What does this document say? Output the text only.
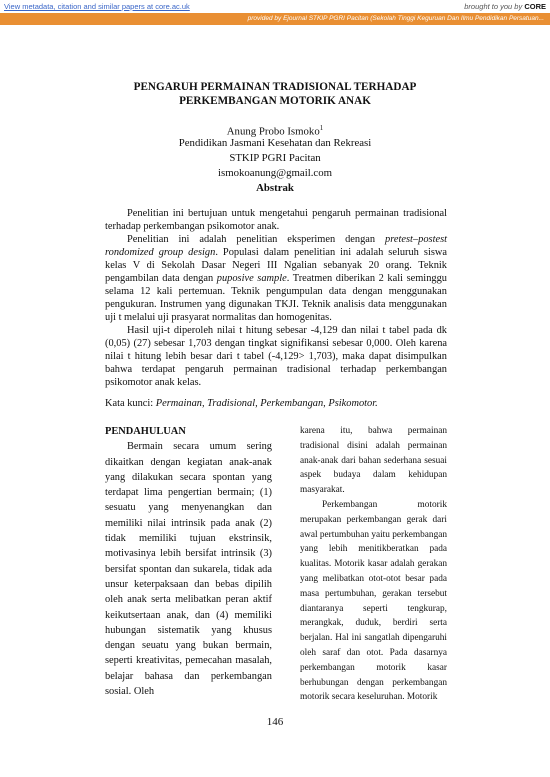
View metadata, citation and similar papers at core.ac.uk	brought to you by CORE
provided by Ejournal STKIP PGRI Pacitan (Sekolah Tinggi Keguruan Dan Ilmu Pendidikan Persatuan...
PENGARUH PERMAINAN TRADISIONAL TERHADAP
PERKEMBANGAN MOTORIK ANAK
Anung Probo Ismoko$^1$
Pendidikan Jasmani Kesehatan dan Rekreasi
STKIP PGRI Pacitan
ismokoanung@gmail.com
Abstrak

Penelitian ini bertujuan untuk mengetahui pengaruh permainan tradisional terhadap perkembangan psikomotor anak.

Penelitian ini adalah penelitian eksperimen dengan pretest–postest rondomized group design. Populasi dalam penelitian ini adalah seluruh siswa kelas V di Sekolah Dasar Negeri III Ngalian sebanyak 20 orang. Teknik pengambilan data dengan puposive sample. Treatmen diberikan 2 kali seminggu selama 12 kali pertemuan. Teknik pengumpulan data dengan menggunakan pengukuran. Instrumen yang digunakan TKJI. Teknik analisis data menggunakan uji t melalui uji prasyarat normalitas dan homogenitas.

Hasil uji-t diperoleh nilai t hitung sebesar -4,129 dan nilai t tabel pada dk (0,05) (27) sebesar 1,703 dengan tingkat signifikansi sebesar 0,000. Oleh karena nilai t hitung lebih besar dari t tabel (-4,129> 1,703), maka dapat disimpulkan bahwa terdapat pengaruh permainan tradisional terhadap perkembangan psikomotor anak kelas.

Kata kunci: Permainan, Tradisional, Perkembangan, Psikomotor.

PENDAHULUAN

Bermain secara umum sering dikaitkan dengan kegiatan anak-anak yang dilakukan secara spontan yang terdapat lima pengertian bermain; (1) sesuatu yang menyenangkan dan memiliki nilai intrinsik pada anak (2) tidak memiliki tujuan ekstrinsik, motivasinya lebih bersifat intrinsik (3) bersifat spontan dan sukarela, tidak ada unsur keterpaksaan dan bebas dipilih oleh anak serta melibatkan peran aktif keikutsertaan anak, dan (4) memiliki hubungan sistematik yang khusus dengan seuatu yang bukan bermain, seperti kreativitas, pemecahan masalah, belajar bahasa dan perkembangan sosial. Oleh

karena itu, bahwa permainan tradisional disini adalah permainan anak-anak dari bahan sederhana sesuai aspek budaya dalam kehidupan masyarakat.

Perkembangan motorik merupakan perkembangan gerak dari awal pertumbuhan yaitu perkembangan yang lebih menitikberatkan pada kualitas. Motorik kasar adalah gerakan yang melibatkan otot-otot besar pada masa pertumbuhan, gerakan tersebut diantaranya seperti tengkurap, merangkak, duduk, berdiri serta berjalan. Hal ini sangatlah dipengaruhi oleh saraf dan otot. Pada dasarnya perkembangan motorik kasar berhubungan dengan perkembangan motorik secara keseluruhan. Motorik

146
